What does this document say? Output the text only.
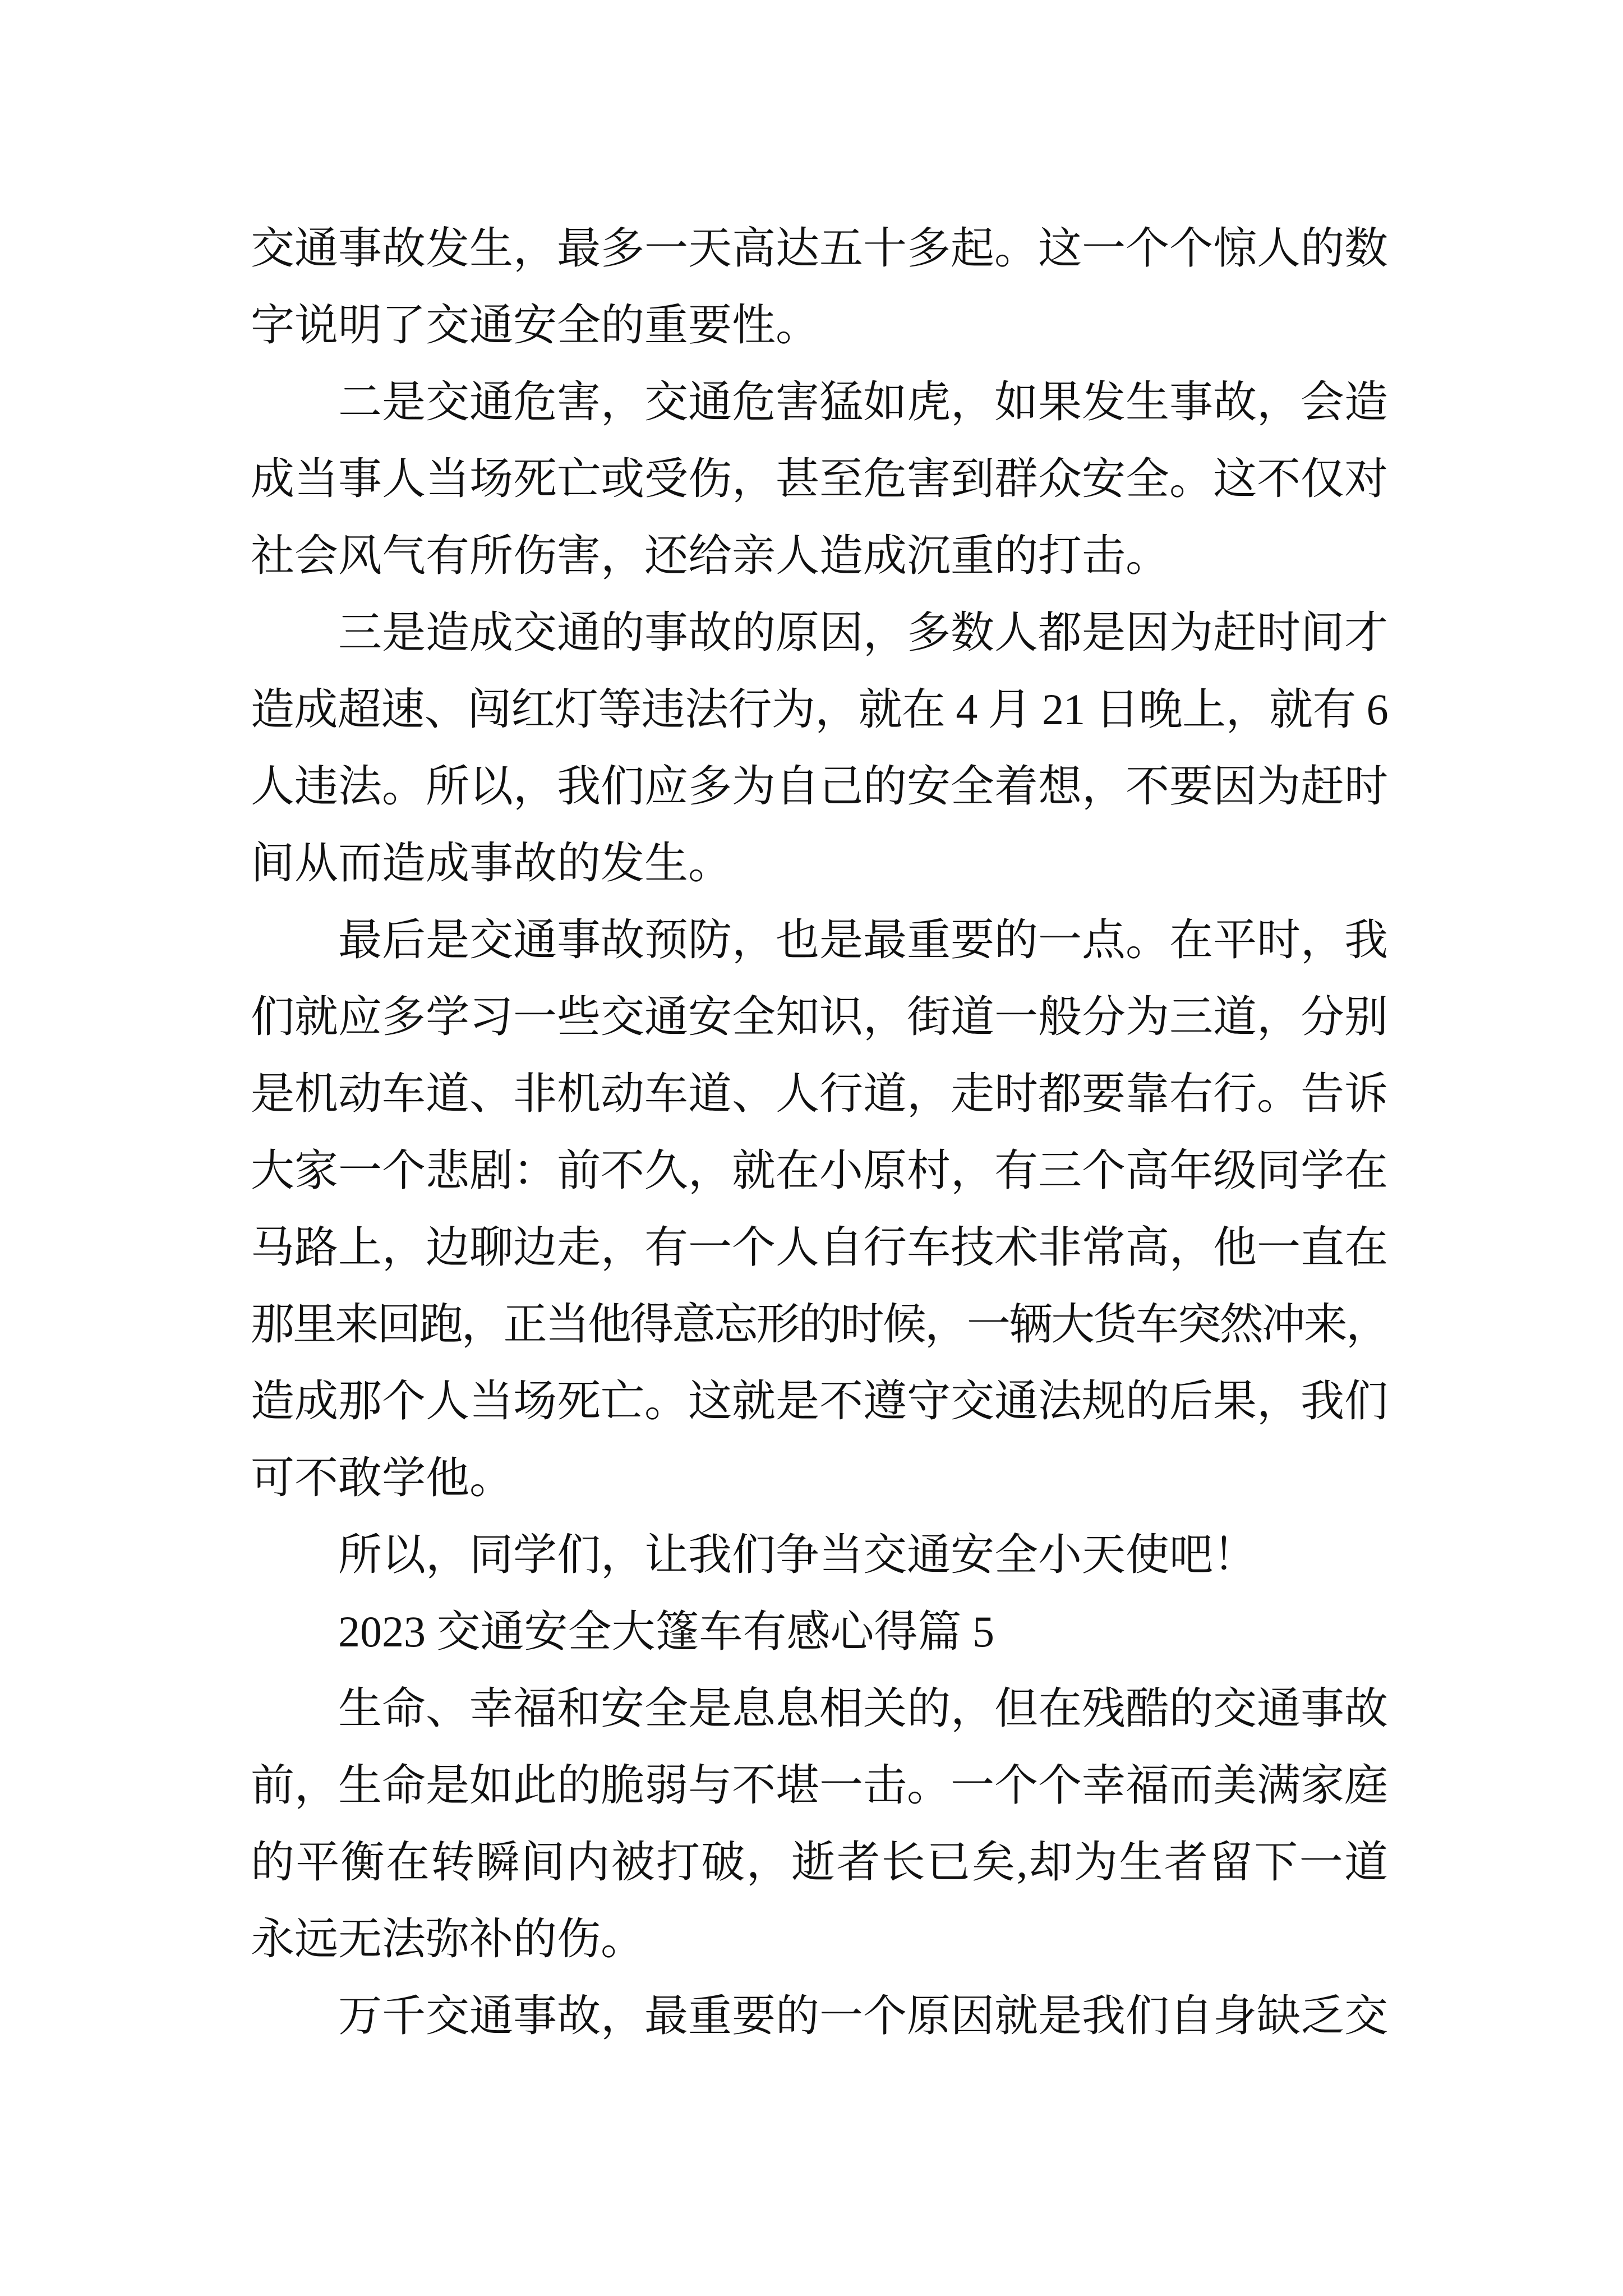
交通事故发生，最多一天高达五十多起。这一个个惊人的数
字说明了交通安全的重要性。
二是交通危害，交通危害猛如虎，如果发生事故，会造
成当事人当场死亡或受伤，甚至危害到群众安全。这不仅对
社会风气有所伤害，还给亲人造成沉重的打击。
三是造成交通的事故的原因，多数人都是因为赶时间才
造成超速、闯红灯等违法行为，就在 4 月 21 日晚上，就有 6
人违法。所以，我们应多为自己的安全着想，不要因为赶时
间从而造成事故的发生。
最后是交通事故预防，也是最重要的一点。在平时，我
们就应多学习一些交通安全知识，街道一般分为三道，分别
是机动车道、非机动车道、人行道，走时都要靠右行。告诉
大家一个悲剧：前不久，就在小原村，有三个高年级同学在
马路上，边聊边走，有一个人自行车技术非常高，他一直在
那里来回跑，正当他得意忘形的时候，一辆大货车突然冲来，
造成那个人当场死亡。这就是不遵守交通法规的后果，我们
可不敢学他。
所以，同学们，让我们争当交通安全小天使吧！
2023 交通安全大篷车有感心得篇 5
生命、幸福和安全是息息相关的，但在残酷的交通事故
前，生命是如此的脆弱与不堪一击。一个个幸福而美满家庭
的平衡在转瞬间内被打破，逝者长已矣,却为生者留下一道
永远无法弥补的伤。
万千交通事故，最重要的一个原因就是我们自身缺乏交
